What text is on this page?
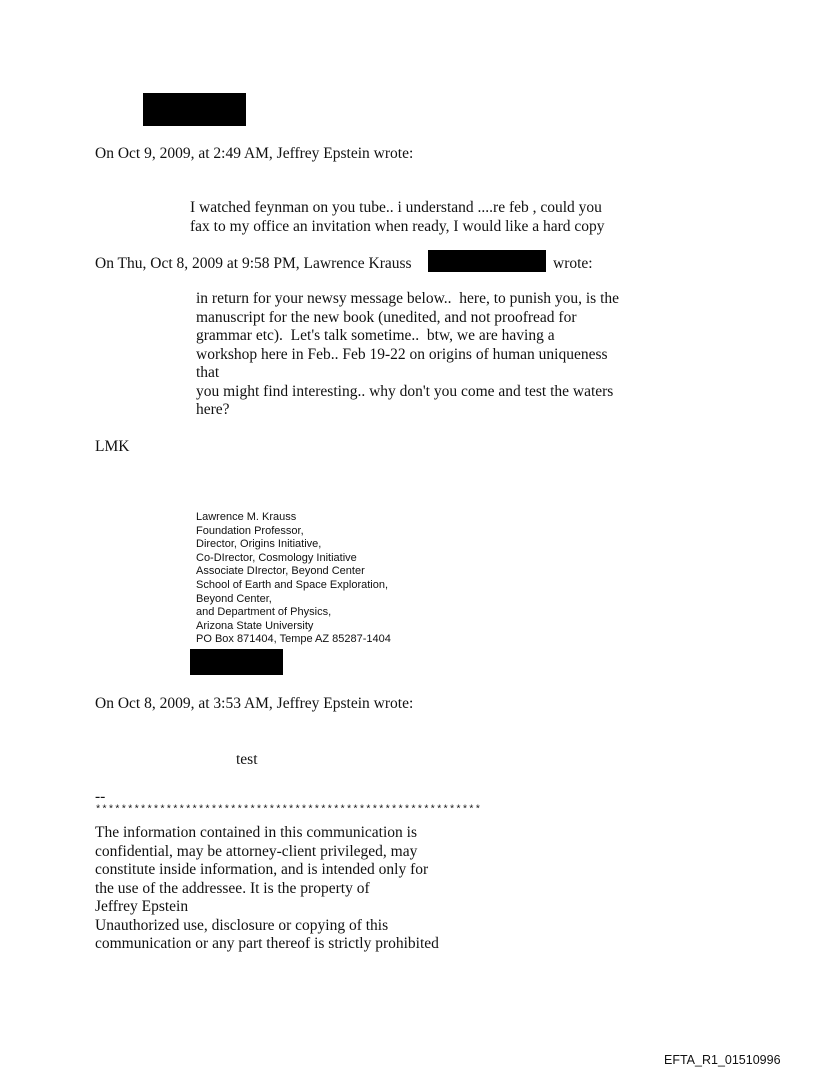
On Oct 9, 2009, at 2:49 AM, Jeffrey Epstein wrote:
I watched feynman on you tube.. i understand ....re feb , could you
fax to my office an invitation when ready, I would like a hard copy
On Thu, Oct 8, 2009 at 9:58 PM, Lawrence Krauss	wrote:
in return for your newsy message below..  here, to punish you, is the
manuscript for the new book (unedited, and not proofread for
grammar etc).  Let's talk sometime..  btw, we are having a
workshop here in Feb.. Feb 19-22 on origins of human uniqueness
that
you might find interesting.. why don't you come and test the waters
here?
LMK
Lawrence M. Krauss
Foundation Professor,
Director, Origins Initiative,
Co-DIrector, Cosmology Initiative
Associate DIrector, Beyond Center
School of Earth and Space Exploration,
Beyond Center,
and Department of Physics,
Arizona State University
PO Box 871404, Tempe AZ 85287-1404
On Oct 8, 2009, at 3:53 AM, Jeffrey Epstein wrote:
test
--
************************************************************
The information contained in this communication is
confidential, may be attorney-client privileged, may
constitute inside information, and is intended only for
the use of the addressee. It is the property of
Jeffrey Epstein
Unauthorized use, disclosure or copying of this
communication or any part thereof is strictly prohibited
EFTA_R1_01510996
